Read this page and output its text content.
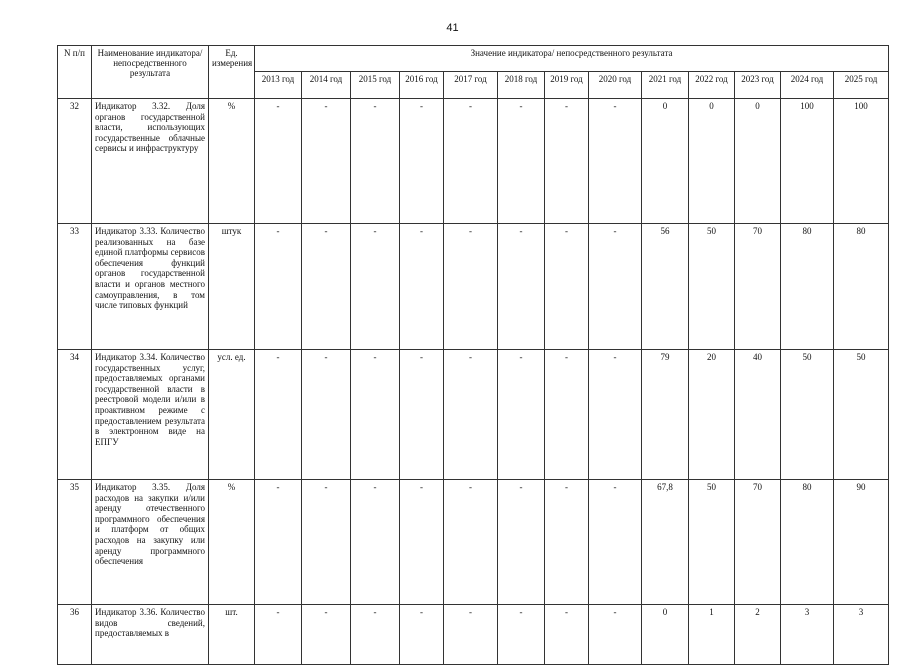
41
N п/п	Наименование индикатора/непосредственного результата	Ед. измерения	Значение индикатора/ непосредственного результата												
			2013 год	2014 год	2015 год	2016 год	2017 год	2018 год	2019 год	2020 год	2021 год	2022 год	2023 год	2024 год	2025 год
32	Индикатор 3.32. Доля органов государственной власти, использующих государственные облачные сервисы и инфраструктуру	%	-	-	-	-	-	-	-	-	0	0	0	100	100
33	Индикатор 3.33. Количество реализованных на базе единой платформы сервисов обеспечения функций органов государственной власти и органов местного самоуправления, в том числе типовых функций	штук	-	-	-	-	-	-	-	-	56	50	70	80	80
34	Индикатор 3.34. Количество государственных услуг, предоставляемых органами государственной власти в реестровой модели и/или в проактивном режиме с предоставлением результата в электронном виде на ЕПГУ	усл. ед.	-	-	-	-	-	-	-	-	79	20	40	50	50
35	Индикатор 3.35. Доля расходов на закупки и/или аренду отечественного программного обеспечения и платформ от общих расходов на закупку или аренду программного обеспечения	%	-	-	-	-	-	-	-	-	67,8	50	70	80	90
36	Индикатор 3.36. Количество видов сведений, предоставляемых в	шт.	-	-	-	-	-	-	-	-	0	1	2	3	3
